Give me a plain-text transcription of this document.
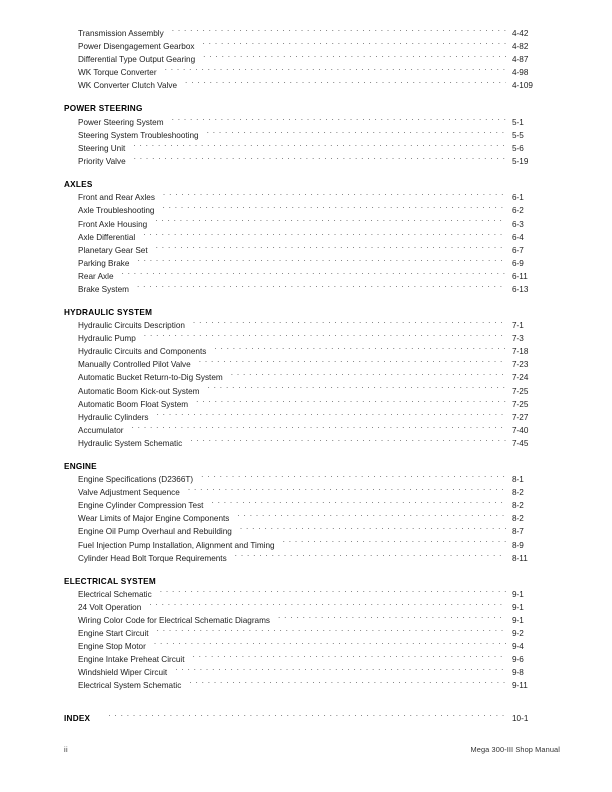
Transmission Assembly . .	4-42
Power Disengagement Gearbox . .	4-82
Differential Type Output Gearing . .	4-87
WK Torque Converter . .	4-98
WK Converter Clutch Valve . .	4-109
POWER STEERING
Power Steering System . .	5-1
Steering System Troubleshooting . .	5-5
Steering Unit . .	5-6
Priority Valve . .	5-19
AXLES
Front and Rear Axles . .	6-1
Axle Troubleshooting . .	6-2
Front Axle Housing . .	6-3
Axle Differential . .	6-4
Planetary Gear Set . .	6-7
Parking Brake . .	6-9
Rear Axle . .	6-11
Brake System . .	6-13
HYDRAULIC SYSTEM
Hydraulic Circuits Description . .	7-1
Hydraulic Pump . .	7-3
Hydraulic Circuits and Components . .	7-18
Manually Controlled Pilot Valve . .	7-23
Automatic Bucket Return-to-Dig System . .	7-24
Automatic Boom Kick-out System . .	7-25
Automatic Boom Float System . .	7-25
Hydraulic Cylinders . .	7-27
Accumulator . .	7-40
Hydraulic System Schematic . .	7-45
ENGINE
Engine Specifications (D2366T) . .	8-1
Valve Adjustment Sequence . .	8-2
Engine Cylinder Compression Test . .	8-2
Wear Limits of Major Engine Components . .	8-2
Engine Oil Pump Overhaul and Rebuilding . .	8-7
Fuel Injection Pump Installation, Alignment and Timing . .	8-9
Cylinder Head Bolt Torque Requirements . .	8-11
ELECTRICAL SYSTEM
Electrical Schematic . .	9-1
24 Volt Operation . .	9-1
Wiring Color Code for Electrical Schematic Diagrams . .	9-1
Engine Start Circuit . .	9-2
Engine Stop Motor . .	9-4
Engine Intake Preheat Circuit . .	9-6
Windshield Wiper Circuit . .	9-8
Electrical System Schematic . .	9-11
INDEX . .	10-1
ii	Mega 300-III Shop Manual
